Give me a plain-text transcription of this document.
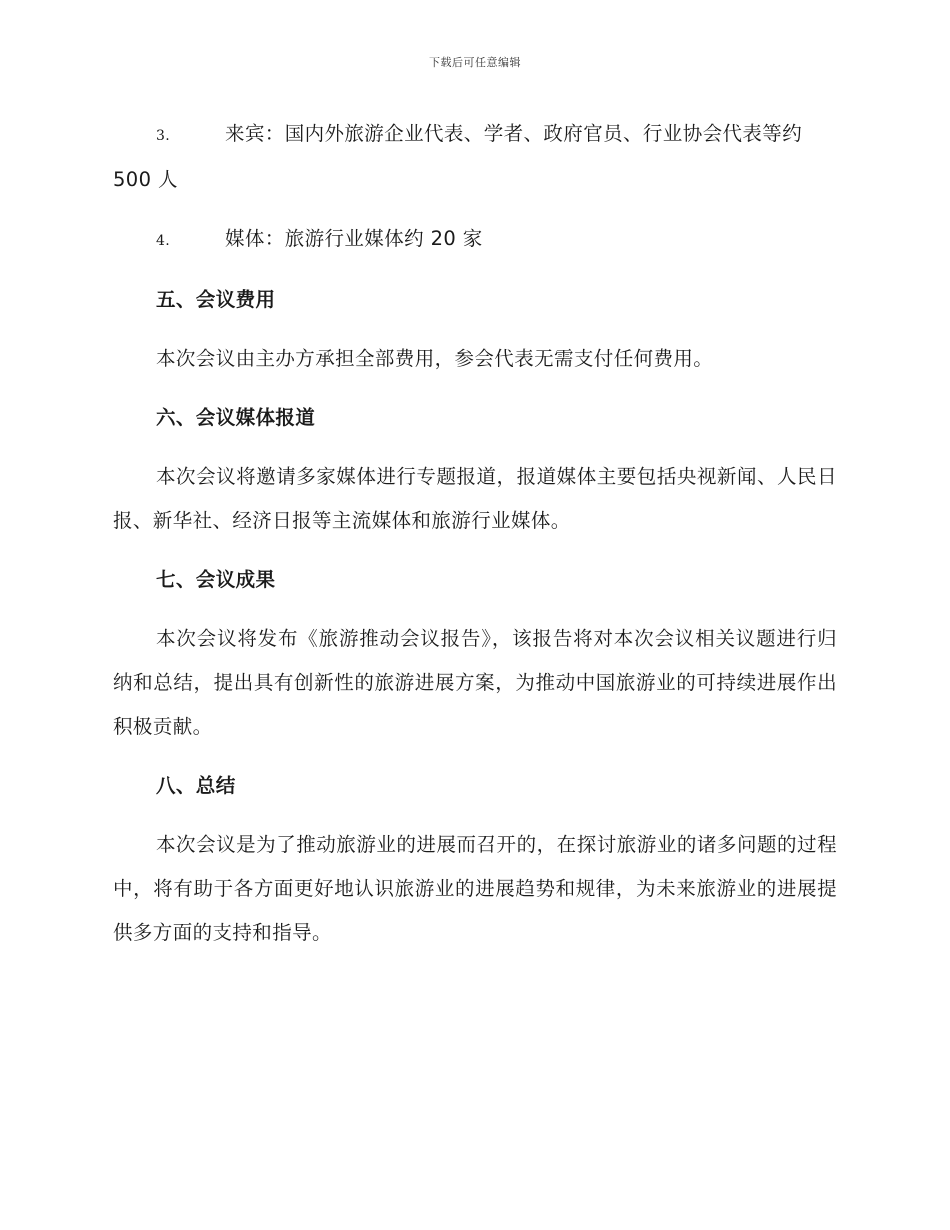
下载后可任意编辑
3.	来宾：国内外旅游企业代表、学者、政府官员、行业协会代表等约 500 人
4.	媒体：旅游行业媒体约 20 家
五、会议费用

本次会议由主办方承担全部费用，参会代表无需支付任何费用。

六、会议媒体报道

本次会议将邀请多家媒体进行专题报道，报道媒体主要包括央视新闻、人民日报、新华社、经济日报等主流媒体和旅游行业媒体。

七、会议成果

本次会议将发布《旅游推动会议报告》，该报告将对本次会议相关议题进行归纳和总结，提出具有创新性的旅游进展方案，为推动中国旅游业的可持续进展作出积极贡献。

八、总结

本次会议是为了推动旅游业的进展而召开的，在探讨旅游业的诸多问题的过程中，将有助于各方面更好地认识旅游业的进展趋势和规律，为未来旅游业的进展提供多方面的支持和指导。
